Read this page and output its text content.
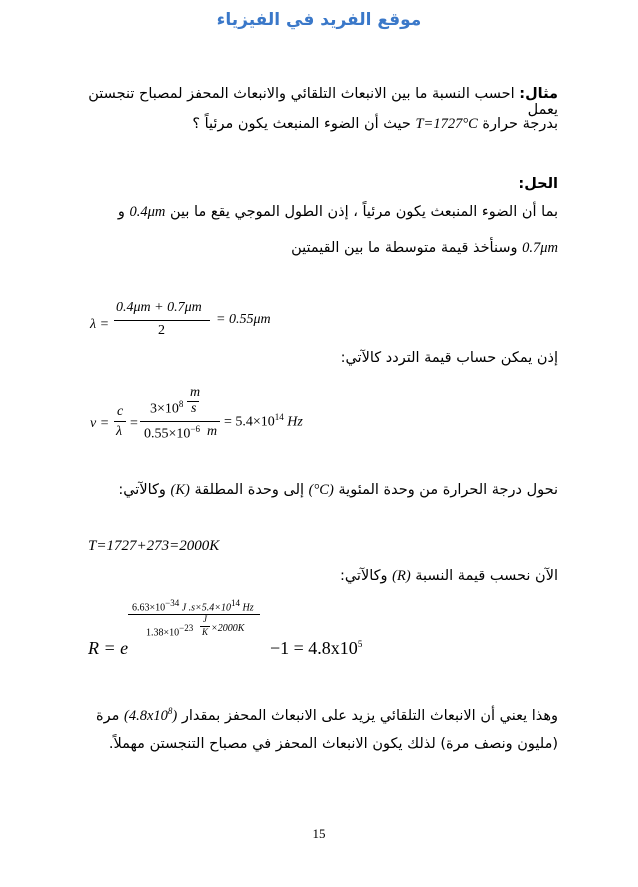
موقع الفريد في الفيزياء
مثال: احسب النسبة ما بين الانبعاث التلقائي والانبعاث المحفز لمصباح تنجستن يعمل
بدرجة حرارة T=1727°C حيث أن الضوء المنبعث يكون مرئياً ؟
الحل:
بما أن الضوء المنبعث يكون مرئياً ، إذن الطول الموجي يقع ما بين 0.4μm و
0.7μm وسنأخذ قيمة متوسطة ما بين القيمتين
λ =
0.4μm + 0.7μm
2
= 0.55μm
إذن يمكن حساب قيمة التردد كالآتي:
ν =
c
λ
=
$3\times 10^8$
m
s
$0.55\times 10^{-6}$ m
= $5.4\times 10^{14}$ Hz
نحول درجة الحرارة من وحدة المئوية (°C) إلى وحدة المطلقة (K) وكالآتي:
T=1727+273=2000K
الآن نحسب قيمة النسبة (R) وكالآتي:
R = e
$6.63\times 10^{-34}$ J $.s\times 5.4\times 10^{14}$ Hz
$1.38\times 10^{-23}$
J
K ×2000K
$-1 = 4.8x10^5$
وهذا يعني أن الانبعاث التلقائي يزيد على الانبعاث المحفز بمقدار $(4.8x10^8)$ مرة
(مليون ونصف مرة) لذلك يكون الانبعاث المحفز في مصباح التنجستن مهملاً.
15
